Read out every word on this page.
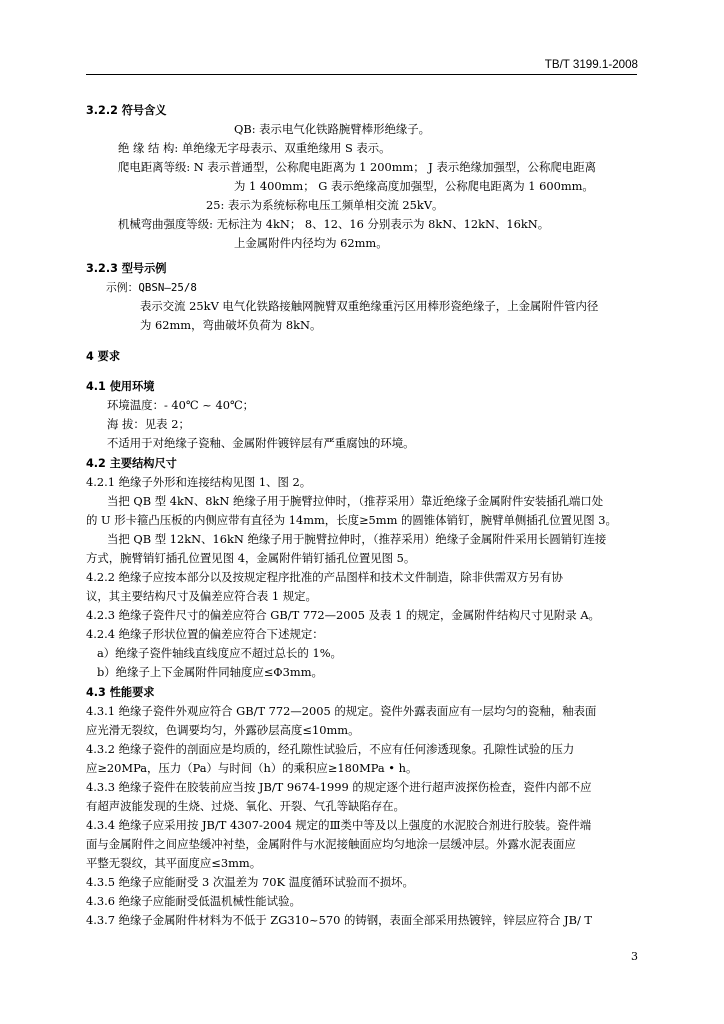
TB/T 3199.1-2008

3.2.2 符号含义

QB: 表示电气化铁路腕臂棒形绝缘子。

绝 缘 结 构: 单绝缘无字母表示、双重绝缘用 S 表示。

爬电距离等级: N 表示普通型，公称爬电距离为 1 200mm； J 表示绝缘加强型，公称爬电距离

为 1 400mm； G 表示绝缘高度加强型，公称爬电距离为 1 600mm。

25: 表示为系统标称电压工频单相交流 25kV。

机械弯曲强度等级: 无标注为 4kN； 8、12、16 分别表示为 8kN、12kN、16kN。

上金属附件内径均为 62mm。

3.2.3 型号示例

示例：QBSN—25/8

表示交流 25kV 电气化铁路接触网腕臂双重绝缘重污区用棒形瓷绝缘子，上金属附件管内径

为 62mm，弯曲破坏负荷为 8kN。

4 要求

4.1 使用环境

环境温度：- 40℃ ~ 40℃；

海 拔：见表 2；

不适用于对绝缘子瓷釉、金属附件镀锌层有严重腐蚀的环境。

4.2 主要结构尺寸

4.2.1 绝缘子外形和连接结构见图 1、图 2。

当把 QB 型 4kN、8kN 绝缘子用于腕臂拉伸时，（推荐采用）靠近绝缘子金属附件安装插孔端口处

的 U 形卡箍凸压板的内侧应带有直径为 14mm，长度≥5mm 的圆锥体销钉，腕臂单侧插孔位置见图 3。

当把 QB 型 12kN、16kN 绝缘子用于腕臂拉伸时，（推荐采用）绝缘子金属附件采用长圆销钉连接

方式，腕臂销钉插孔位置见图 4，金属附件销钉插孔位置见图 5。

4.2.2 绝缘子应按本部分以及按规定程序批准的产品图样和技术文件制造，除非供需双方另有协

议，其主要结构尺寸及偏差应符合表 1 规定。

4.2.3 绝缘子瓷件尺寸的偏差应符合 GB/T 772—2005 及表 1 的规定，金属附件结构尺寸见附录 A。

4.2.4 绝缘子形状位置的偏差应符合下述规定：

a）绝缘子瓷件轴线直线度应不超过总长的 1%。

b）绝缘子上下金属附件同轴度应≤Φ3mm。

4.3 性能要求

4.3.1 绝缘子瓷件外观应符合 GB/T 772—2005 的规定。瓷件外露表面应有一层均匀的瓷釉，釉表面

应光滑无裂纹，色调要均匀，外露砂层高度≤10mm。

4.3.2 绝缘子瓷件的剖面应是均质的，经孔隙性试验后，不应有任何渗透现象。孔隙性试验的压力

应≥20MPa，压力（Pa）与时间（h）的乘积应≥180MPa • h。

4.3.3 绝缘子瓷件在胶装前应当按 JB/T 9674-1999 的规定逐个进行超声波探伤检查，瓷件内部不应

有超声波能发现的生烧、过烧、氧化、开裂、气孔等缺陷存在。

4.3.4 绝缘子应采用按 JB/T 4307-2004 规定的Ⅲ类中等及以上强度的水泥胶合剂进行胶装。瓷件端

面与金属附件之间应垫缓冲衬垫，金属附件与水泥接触面应均匀地涂一层缓冲层。外露水泥表面应

平整无裂纹，其平面度应≤3mm。

4.3.5 绝缘子应能耐受 3 次温差为 70K 温度循环试验而不损坏。

4.3.6 绝缘子应能耐受低温机械性能试验。

4.3.7 绝缘子金属附件材料为不低于 ZG310~570 的铸钢，表面全部采用热镀锌，锌层应符合 JB/ T

3
